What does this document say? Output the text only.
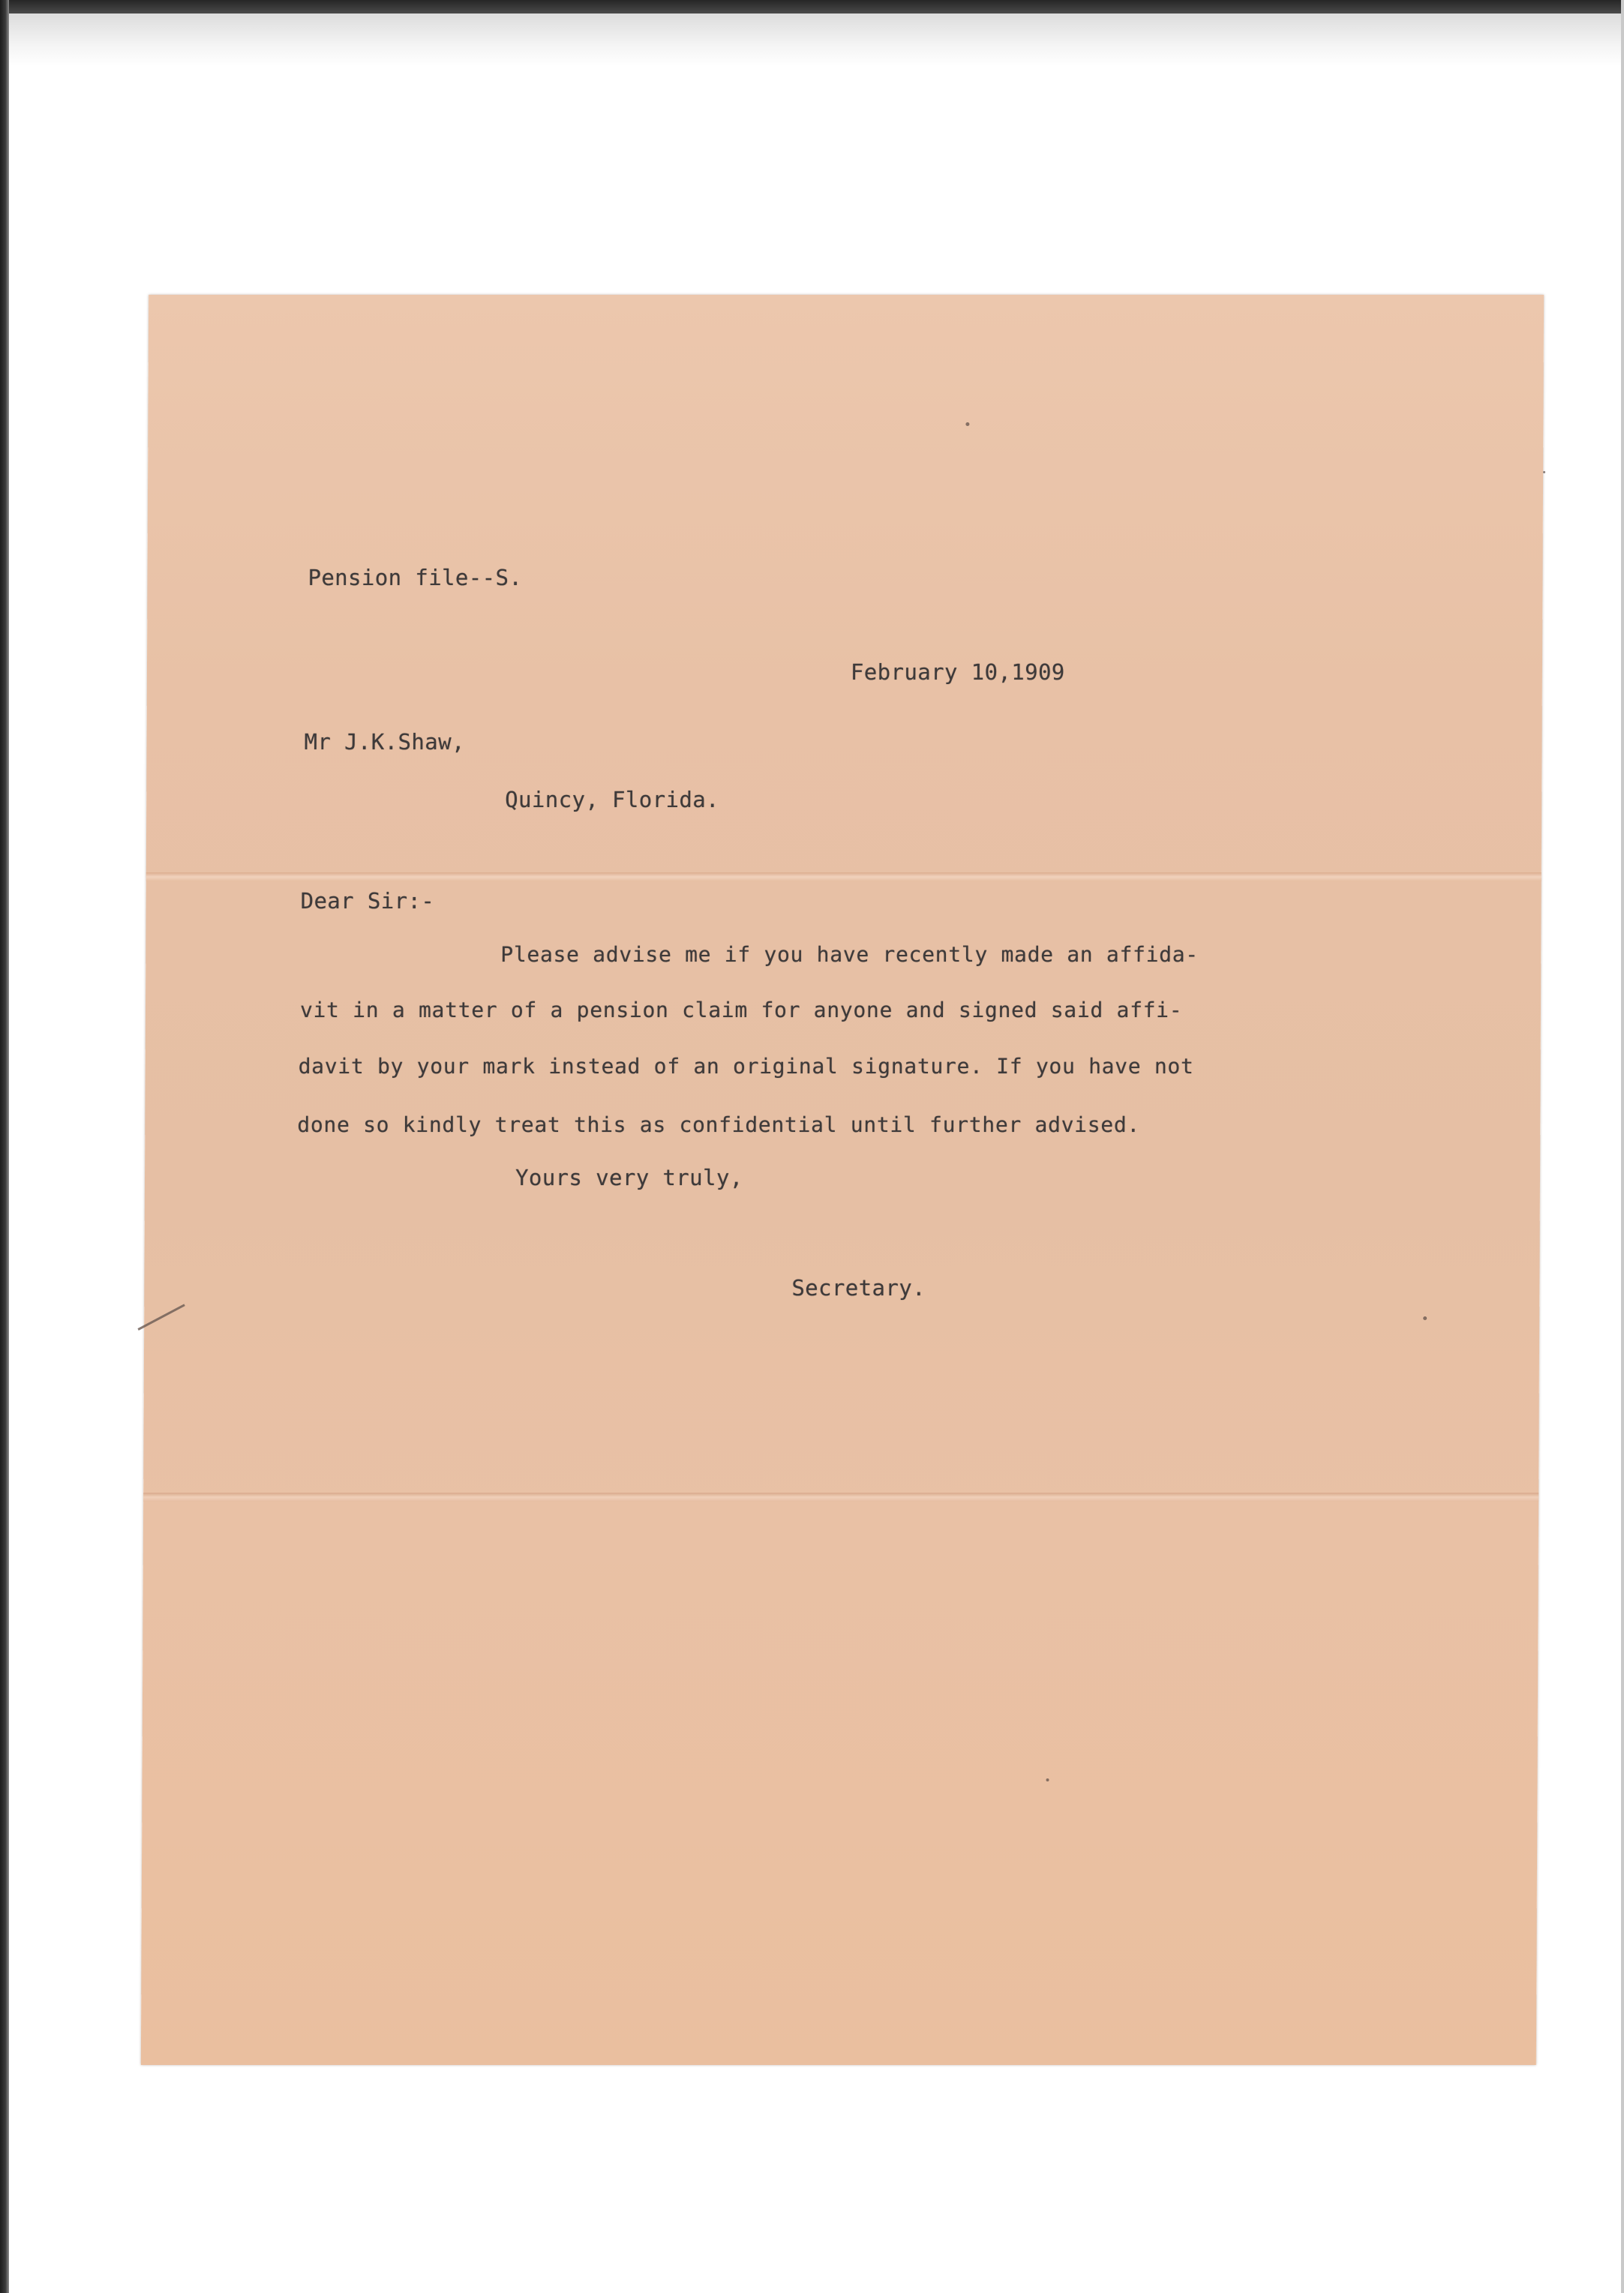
Pension file--S.

February 10,1909

Mr J.K.Shaw,

Quincy, Florida.

Dear Sir:-

Please advise me if you have recently made an affida-

vit in a matter of a pension claim for anyone and signed said affi-

davit by your mark instead of an original signature. If you have not

done so kindly treat this as confidential until further advised.

Yours very truly,

Secretary.
